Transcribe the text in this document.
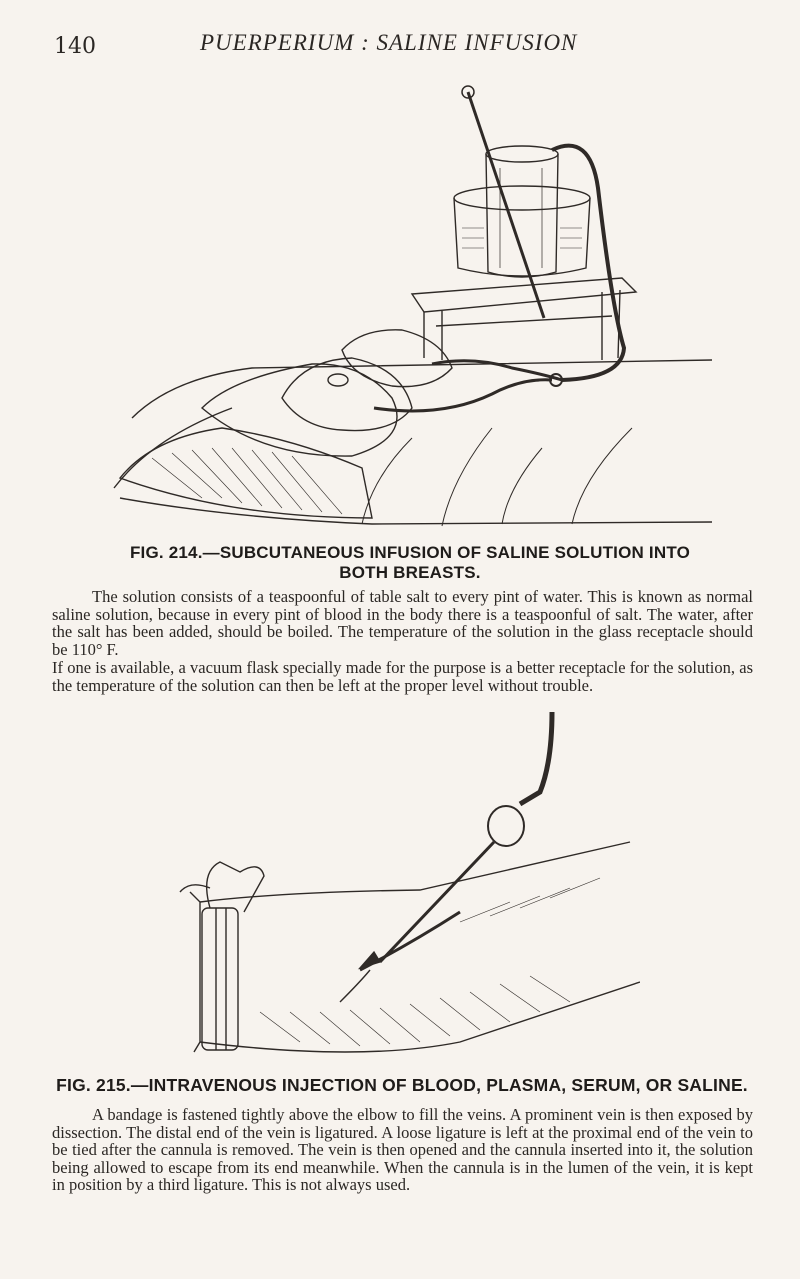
140	PUERPERIUM : SALINE INFUSION
FIG. 214.—SUBCUTANEOUS INFUSION OF SALINE SOLUTION INTO BOTH BREASTS.

The solution consists of a teaspoonful of table salt to every pint of water. This is known as normal saline solution, because in every pint of blood in the body there is a teaspoonful of salt. The water, after the salt has been added, should be boiled. The temperature of the solution in the glass receptacle should be 110° F.

If one is available, a vacuum flask specially made for the purpose is a better receptacle for the solution, as the temperature of the solution can then be left at the proper level without trouble.

FIG. 215.—INTRAVENOUS INJECTION OF BLOOD, PLASMA, SERUM, OR SALINE.

A bandage is fastened tightly above the elbow to fill the veins. A prominent vein is then exposed by dissection. The distal end of the vein is ligatured. A loose ligature is left at the proximal end of the vein to be tied after the cannula is removed. The vein is then opened and the cannula inserted into it, the solution being allowed to escape from its end meanwhile. When the cannula is in the lumen of the vein, it is kept in position by a third ligature. This is not always used.
